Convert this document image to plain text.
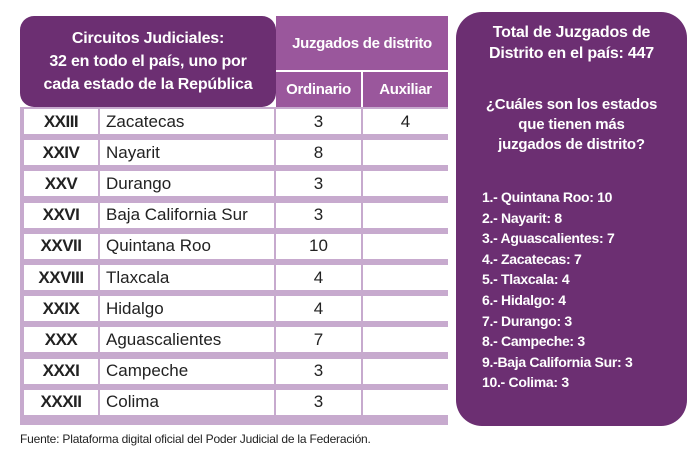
Circuitos Judiciales:
32 en todo el país, uno por
cada estado de la República
Juzgados de distrito
Ordinario	Auxiliar
XXIII	Zacatecas	3	4
XXIV	Nayarit	8
XXV	Durango	3
XXVI	Baja California Sur	3
XXVII	Quintana Roo	10
XXVIII	Tlaxcala	4
XXIX	Hidalgo	4
XXX	Aguascalientes	7
XXXI	Campeche	3
XXXII	Colima	3
Total de Juzgados de
Distrito en el país: 447
¿Cuáles son los estados
que tienen más
juzgados de distrito?
1.- Quintana Roo: 10
2.- Nayarit: 8
3.- Aguascalientes: 7
4.- Zacatecas: 7
5.- Tlaxcala: 4
6.- Hidalgo: 4
7.- Durango: 3
8.- Campeche: 3
9.-Baja California Sur: 3
10.- Colima: 3
Fuente: Plataforma digital oficial del Poder Judicial de la Federación.
